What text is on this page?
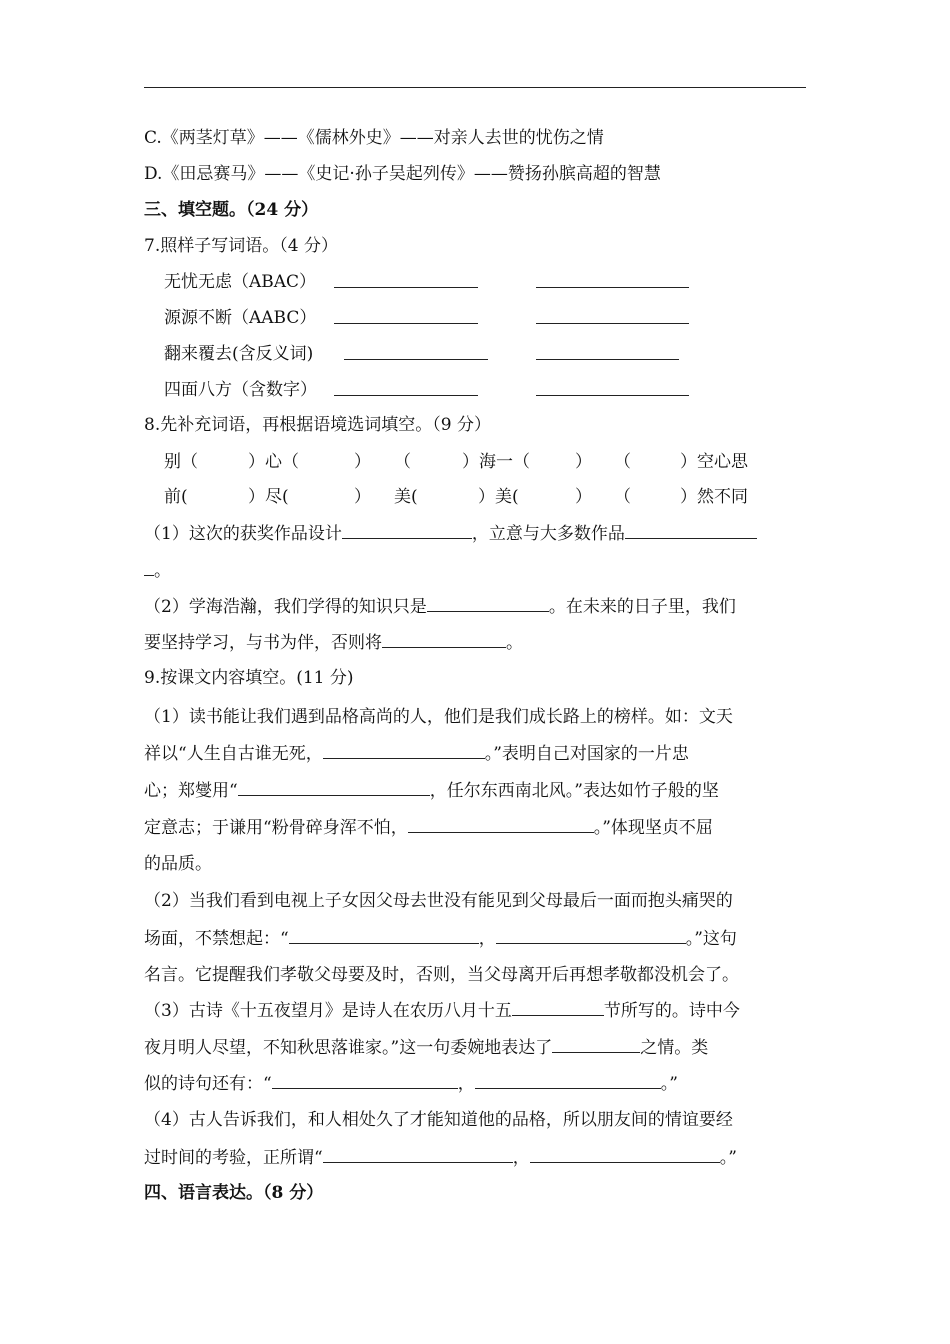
C.《两茎灯草》——《儒林外史》——对亲人去世的忧伤之情
D.《田忌赛马》——《史记·孙子吴起列传》——赞扬孙膑高超的智慧
三、填空题。（24 分）
7.照样子写词语。（4 分）
无忧无虑（ABAC）
源源不断（AABC）
翻来覆去(含反义词)
四面八方（含数字）
8.先补充词语，再根据语境选词填空。（9 分）
别（	）心（	） （	）海一（	） （	）空心思
前(	）尽(	） 美(	）美(	） （	）然不同
（1）这次的获奖作品设计	，立意与大多数作品
。
（2）学海浩瀚，我们学得的知识只是	。在未来的日子里，我们
要坚持学习，与书为伴，否则将	。
9.按课文内容填空。(11 分)
（1）读书能让我们遇到品格高尚的人，他们是我们成长路上的榜样。如：文天
祥以“人生自古谁无死，	。”表明自己对国家的一片忠
心；郑燮用“	，任尔东西南北风。”表达如竹子般的坚
定意志；于谦用“粉骨碎身浑不怕，	。”体现坚贞不屈
的品质。
（2）当我们看到电视上子女因父母去世没有能见到父母最后一面而抱头痛哭的
场面，不禁想起：“	，	。”这句
名言。它提醒我们孝敬父母要及时，否则，当父母离开后再想孝敬都没机会了。
（3）古诗《十五夜望月》是诗人在农历八月十五	节所写的。诗中今
夜月明人尽望，不知秋思落谁家。”这一句委婉地表达了	之情。类
似的诗句还有：“	，	。”
（4）古人告诉我们，和人相处久了才能知道他的品格，所以朋友间的情谊要经
过时间的考验，正所谓“	，	。”
四、语言表达。（8 分）
